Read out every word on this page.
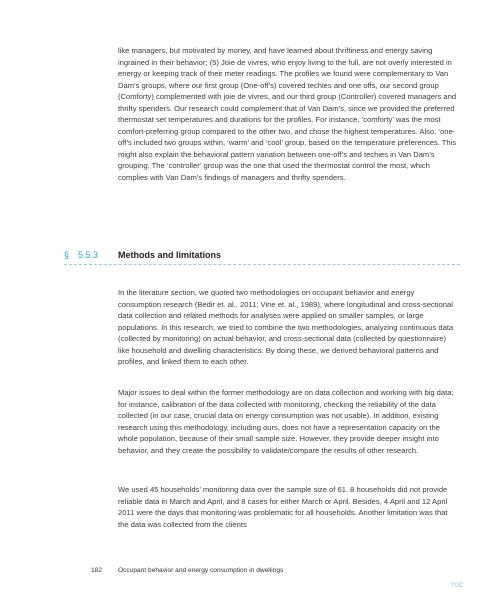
like managers, but motivated by money, and have learned about thriftiness and energy saving ingrained in their behavior; (5) Joie de vivres, who enjoy living to the full, are not overly interested in energy or keeping track of their meter readings. The profiles we found were complementary to Van Dam’s groups, where our first group (One-off’s) covered techies and one offs, our second group (Comforty) complemented with joie de vivres, and our third group (Controller) covered managers and thrifty spenders. Our research could complement that of Van Dam’s, since we provided the preferred thermostat set temperatures and durations for the profiles. For instance, ‘comforty’ was the most comfort-preferring group compared to the other two, and chose the highest temperatures. Also, ‘one-off’s included two groups within, ‘warm’ and ‘cool’ group, based on the temperature preferences. This might also explain the behavioral pattern variation between one-off’s and techies in Van Dam’s grouping. The ‘controller’ group was the one that used the thermostat control the most, which complies with Van Dam’s findings of managers and thrifty spenders.

§ 5.5.3 Methods and limitations

In the literature section, we quoted two methodologies on occupant behavior and energy consumption research (Bedir et. al., 2011; Vine et. al., 1989), where longitudinal and cross-sectional data collection and related methods for analyses were applied on smaller samples, or large populations. In this research, we tried to combine the two methodologies, analyzing continuous data (collected by monitoring) on actual behavior, and cross-sectional data (collected by questionnaire) like household and dwelling characteristics. By doing these, we derived behavioral patterns and profiles, and linked them to each other.

Major issues to deal within the former methodology are on data collection and working with big data; for instance, calibration of the data collected with monitoring, checking the reliability of the data collected (in our case, crucial data on energy consumption was not usable). In addition, existing research using this methodology, including ours, does not have a representation capacity on the whole population, because of their small sample size. However, they provide deeper insight into behavior, and they create the possibility to validate/compare the results of other research.

We used 45 households’ monitoring data over the sample size of 61. 8 households did not provide reliable data in March and April, and 8 cases for either March or April. Besides, 4 April and 12 April 2011 were the days that monitoring was problematic for all households. Another limitation was that the data was collected from the clients

182 Occupant behavior and energy consumption in dwellings
TOC
